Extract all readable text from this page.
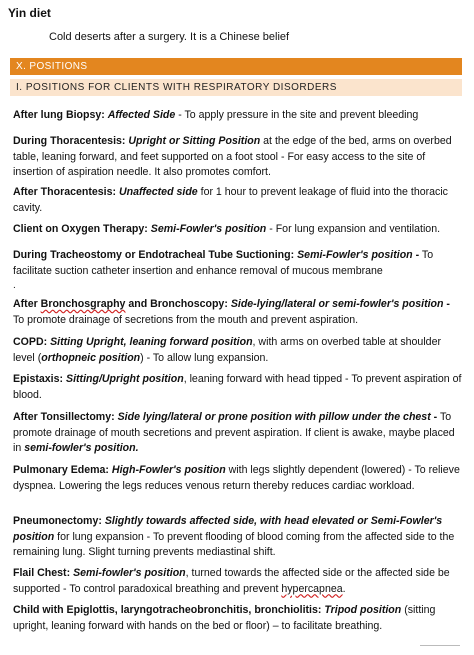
Yin diet
Cold deserts after a surgery. It is a Chinese belief
X. POSITIONS
I. POSITIONS FOR CLIENTS WITH RESPIRATORY DISORDERS

After lung Biopsy: Affected Side - To apply pressure in the site and prevent bleeding

During Thoracentesis: Upright or Sitting Position at the edge of the bed, arms on overbed table, leaning forward, and feet supported on a foot stool - For easy access to the site of insertion of aspiration needle. It also promotes comfort.

After Thoracentesis: Unaffected side for 1 hour to prevent leakage of fluid into the thoracic cavity.

Client on Oxygen Therapy: Semi-Fowler's position - For lung expansion and ventilation.

During Tracheostomy or Endotracheal Tube Suctioning: Semi-Fowler's position - To facilitate suction catheter insertion and enhance removal of mucous membrane

.

After Bronchosgraphy and Bronchoscopy: Side-lying/lateral or semi-fowler's position - To promote drainage of secretions from the mouth and prevent aspiration.

COPD: Sitting Upright, leaning forward position, with arms on overbed table at shoulder level (orthopneic position) - To allow lung expansion.

Epistaxis: Sitting/Upright position, leaning forward with head tipped - To prevent aspiration of blood.

After Tonsillectomy: Side lying/lateral or prone position with pillow under the chest - To promote drainage of mouth secretions and prevent aspiration. If client is awake, maybe placed in semi-fowler's position.

Pulmonary Edema: High-Fowler's position with legs slightly dependent (lowered) - To relieve dyspnea. Lowering the legs reduces venous return thereby reduces cardiac workload.

Pneumonectomy: Slightly towards affected side, with head elevated or Semi-Fowler's position for lung expansion - To prevent flooding of blood coming from the affected side to the remaining lung. Slight turning prevents mediastinal shift.

Flail Chest: Semi-fowler's position, turned towards the affected side or the affected side be supported - To control paradoxical breathing and prevent hypercapnea.

Child with Epiglottis, laryngotracheobronchitis, bronchiolitis: Tripod position (sitting upright, leaning forward with hands on the bed or floor) – to facilitate breathing.
